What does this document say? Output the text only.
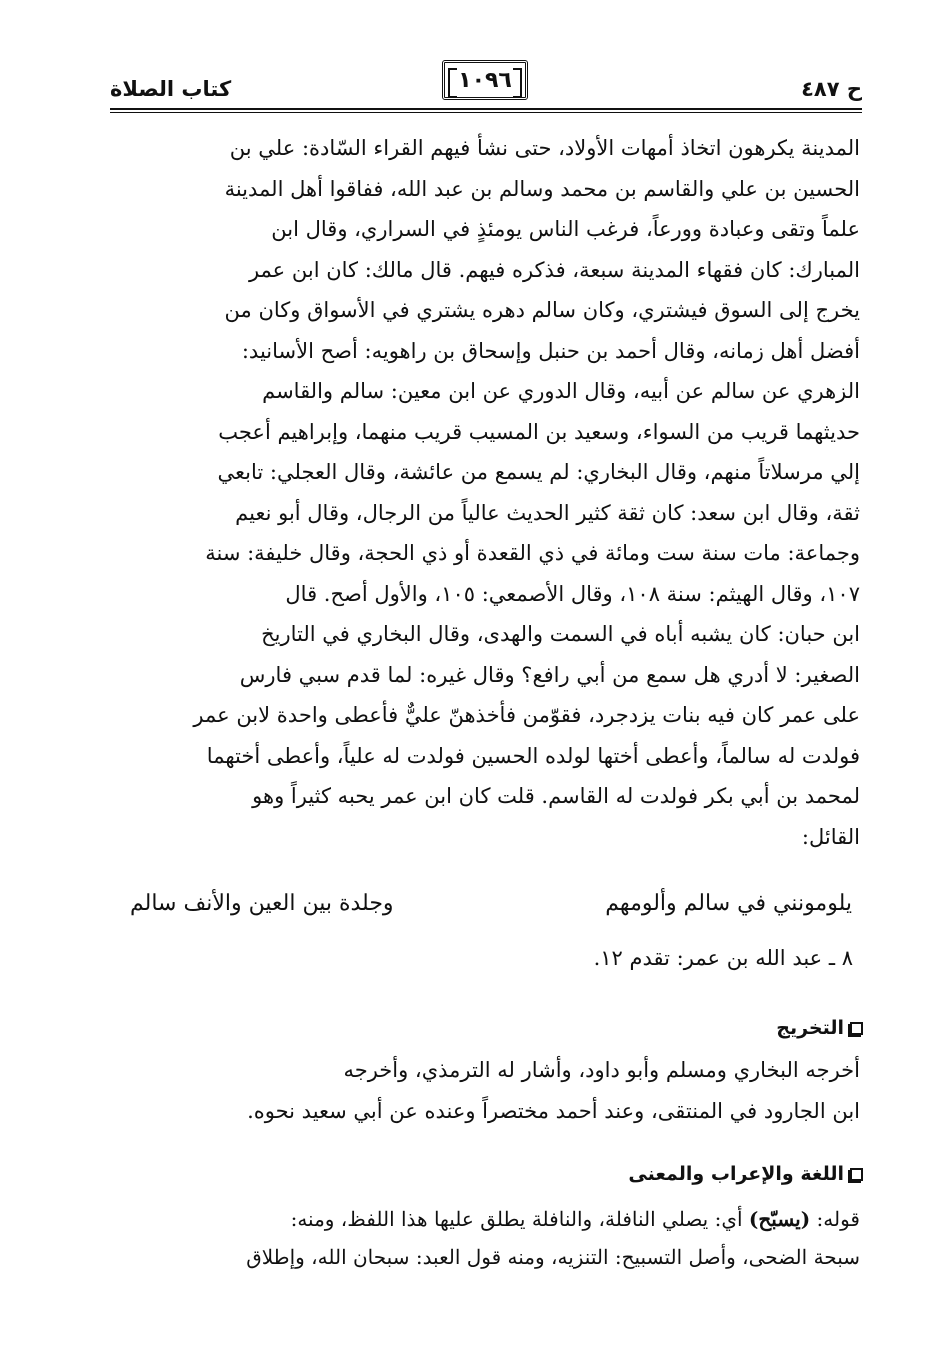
ح ٤٨٧
١٠٩٦
كتاب الصلاة

المدينة يكرهون اتخاذ أمهات الأولاد، حتى نشأ فيهم القراء السّادة: علي بن

الحسين بن علي والقاسم بن محمد وسالم بن عبد الله، ففاقوا أهل المدينة

علماً وتقى وعبادة وورعاً، فرغب الناس يومئذٍ في السراري، وقال ابن

المبارك: كان فقهاء المدينة سبعة، فذكره فيهم. قال مالك: كان ابن عمر

يخرج إلى السوق فيشتري، وكان سالم دهره يشتري في الأسواق وكان من

أفضل أهل زمانه، وقال أحمد بن حنبل وإسحاق بن راهويه: أصح الأسانيد:

الزهري عن سالم عن أبيه، وقال الدوري عن ابن معين: سالم والقاسم

حديثهما قريب من السواء، وسعيد بن المسيب قريب منهما، وإبراهيم أعجب

إلي مرسلاتاً منهم، وقال البخاري: لم يسمع من عائشة، وقال العجلي: تابعي

ثقة، وقال ابن سعد: كان ثقة كثير الحديث عالياً من الرجال، وقال أبو نعيم

وجماعة: مات سنة ست ومائة في ذي القعدة أو ذي الحجة، وقال خليفة: سنة

١٠٧، وقال الهيثم: سنة ١٠٨، وقال الأصمعي: ١٠٥، والأول أصح. قال

ابن حبان: كان يشبه أباه في السمت والهدى، وقال البخاري في التاريخ

الصغير: لا أدري هل سمع من أبي رافع؟ وقال غيره: لما قدم سبي فارس

على عمر كان فيه بنات يزدجرد، فقوّمن فأخذهنّ عليٌّ فأعطى واحدة لابن عمر

فولدت له سالماً، وأعطى أختها لولده الحسين فولدت له علياً، وأعطى أختهما

لمحمد بن أبي بكر فولدت له القاسم. قلت كان ابن عمر يحبه كثيراً وهو

القائل:

يلومونني في سالم وألومهم
وجلدة بين العين والأنف سالم
٨ ـ عبد الله بن عمر: تقدم ١٢.
التخريج

أخرجه البخاري ومسلم وأبو داود، وأشار له الترمذي، وأخرجه

ابن الجارود في المنتقى، وعند أحمد مختصراً وعنده عن أبي سعيد نحوه.

اللغة والإعراب والمعنى

قوله: (يسبّح) أي: يصلي النافلة، والنافلة يطلق عليها هذا اللفظ، ومنه:

سبحة الضحى، وأصل التسبيح: التنزيه، ومنه قول العبد: سبحان الله، وإطلاق
